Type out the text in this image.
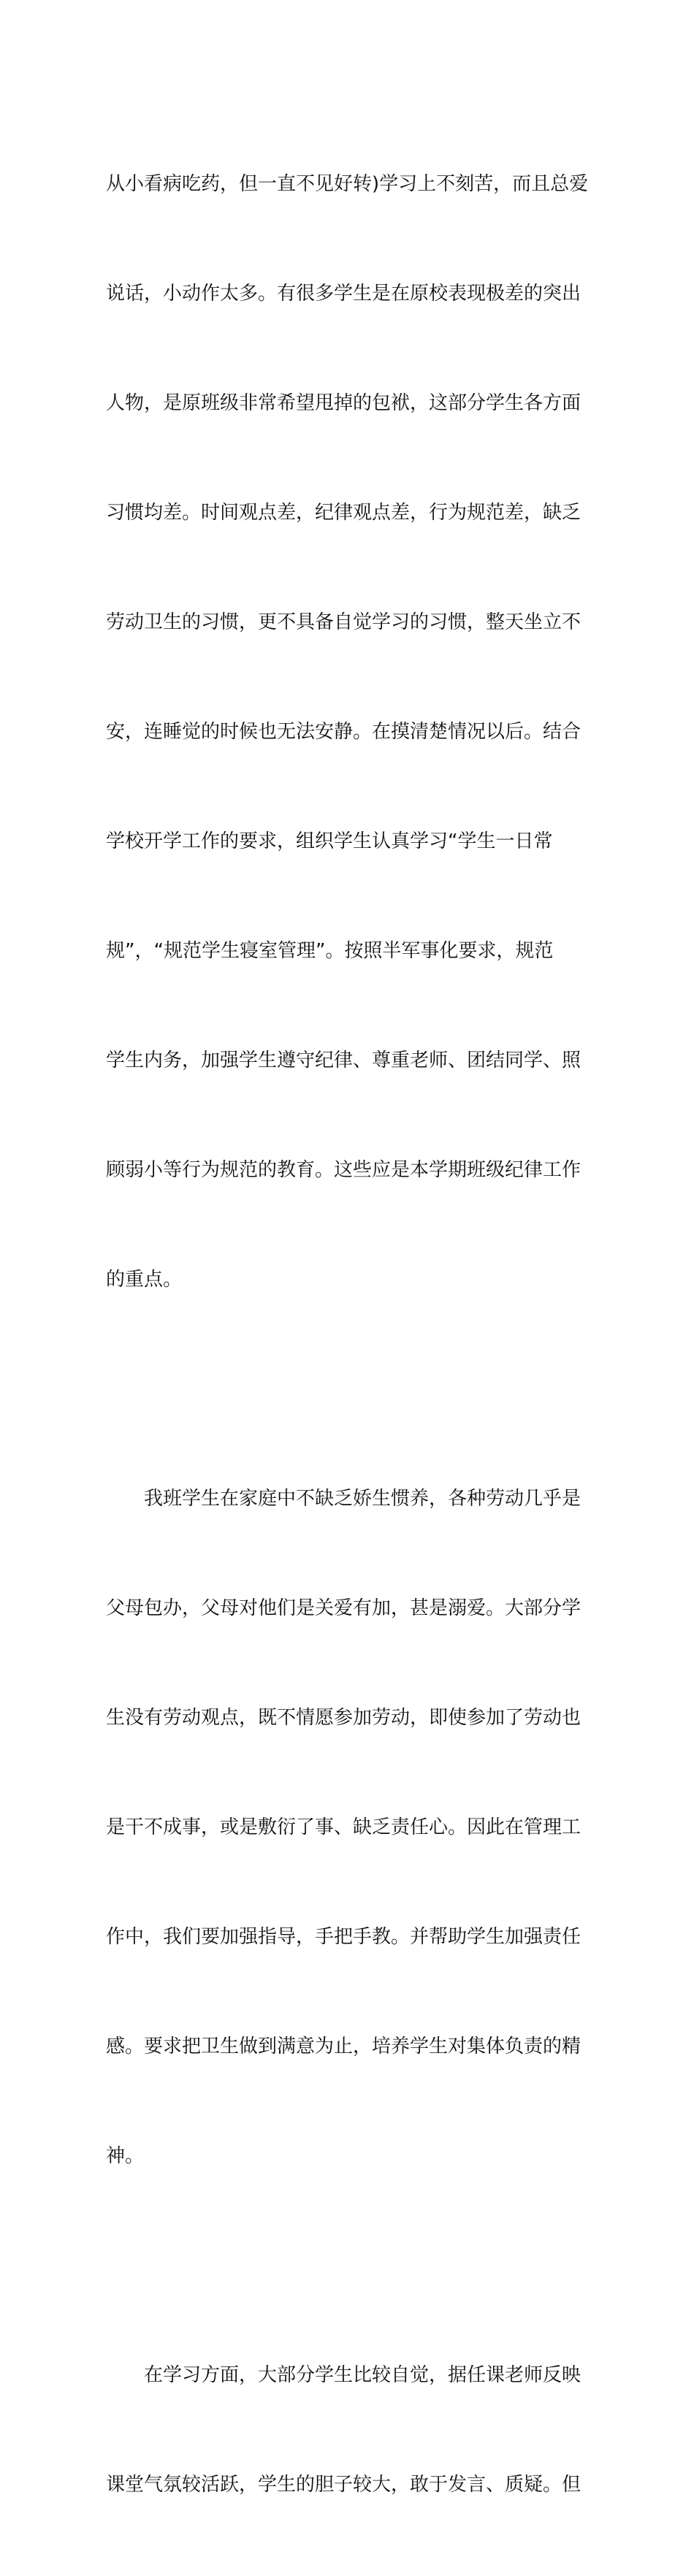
从小看病吃药，但一直不见好转)学习上不刻苦，而且总爱

说话，小动作太多。有很多学生是在原校表现极差的突出

人物，是原班级非常希望甩掉的包袱，这部分学生各方面

习惯均差。时间观点差，纪律观点差，行为规范差，缺乏

劳动卫生的习惯，更不具备自觉学习的习惯，整天坐立不

安，连睡觉的时候也无法安静。在摸清楚情况以后。结合

学校开学工作的要求，组织学生认真学习“学生一日常

规”，“规范学生寝室管理”。按照半军事化要求，规范

学生内务，加强学生遵守纪律、尊重老师、团结同学、照

顾弱小等行为规范的教育。这些应是本学期班级纪律工作

的重点。

　　我班学生在家庭中不缺乏娇生惯养，各种劳动几乎是

父母包办，父母对他们是关爱有加，甚是溺爱。大部分学

生没有劳动观点，既不情愿参加劳动，即使参加了劳动也

是干不成事，或是敷衍了事、缺乏责任心。因此在管理工

作中，我们要加强指导，手把手教。并帮助学生加强责任

感。要求把卫生做到满意为止，培养学生对集体负责的精

神。

　　在学习方面，大部分学生比较自觉，据任课老师反映

课堂气氛较活跃，学生的胆子较大，敢于发言、质疑。但
